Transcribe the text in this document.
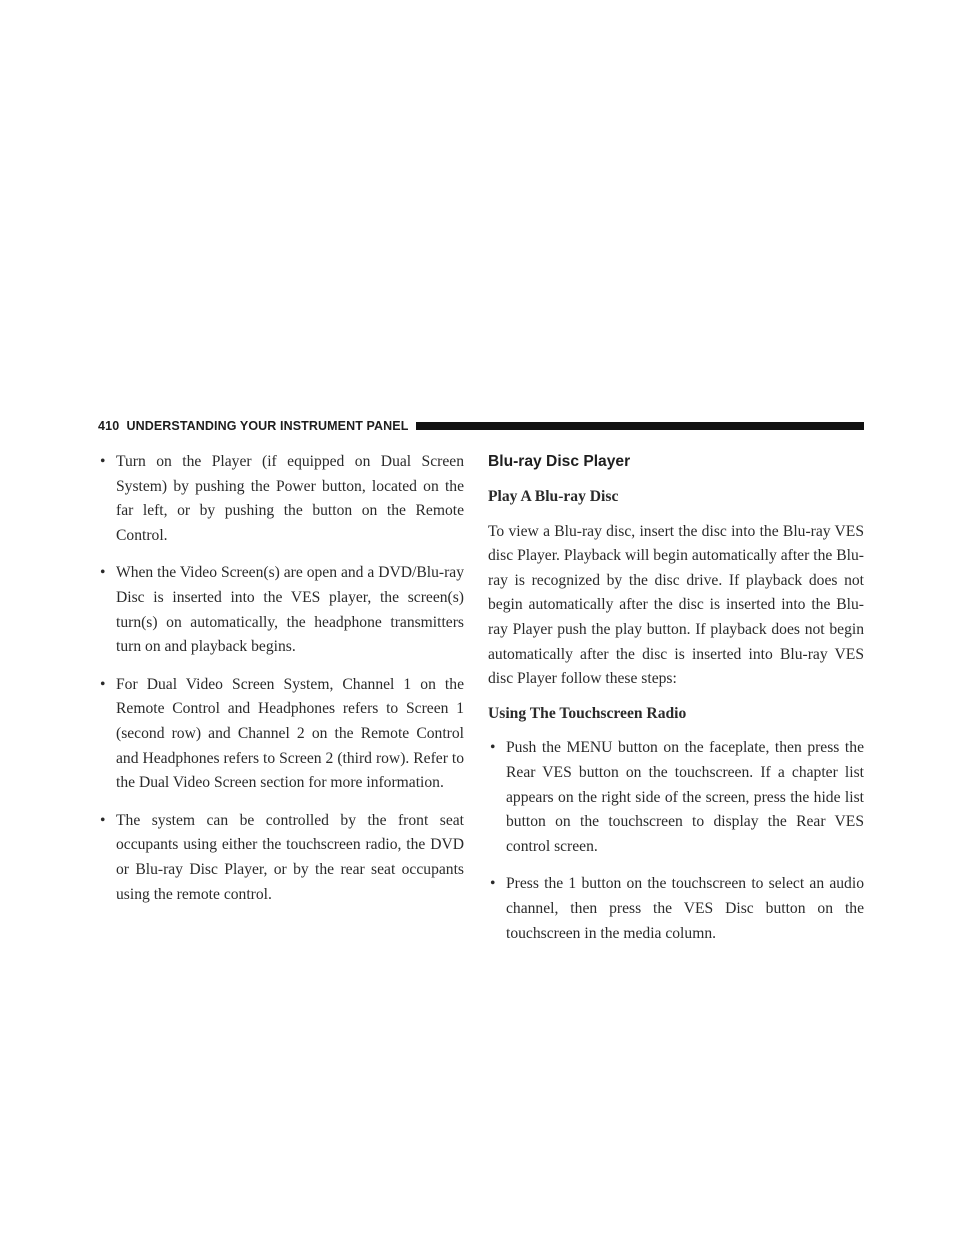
410 UNDERSTANDING YOUR INSTRUMENT PANEL
• Turn on the Player (if equipped on Dual Screen System) by pushing the Power button, located on the far left, or by pushing the button on the Remote Control.
• When the Video Screen(s) are open and a DVD/Blu-ray Disc is inserted into the VES player, the screen(s) turn(s) on automatically, the headphone transmitters turn on and playback begins.
• For Dual Video Screen System, Channel 1 on the Remote Control and Headphones refers to Screen 1 (second row) and Channel 2 on the Remote Control and Headphones refers to Screen 2 (third row). Refer to the Dual Video Screen section for more information.
• The system can be controlled by the front seat occupants using either the touchscreen radio, the DVD or Blu-ray Disc Player, or by the rear seat occupants using the remote control.
Blu-ray Disc Player
Play A Blu-ray Disc

To view a Blu-ray disc, insert the disc into the Blu-ray VES disc Player. Playback will begin automatically after the Blu-ray is recognized by the disc drive. If playback does not begin automatically after the disc is inserted into the Blu-ray Player push the play button. If playback does not begin automatically after the disc is inserted into Blu-ray VES disc Player follow these steps:

Using The Touchscreen Radio
• Push the MENU button on the faceplate, then press the Rear VES button on the touchscreen. If a chapter list appears on the right side of the screen, press the hide list button on the touchscreen to display the Rear VES control screen.
• Press the 1 button on the touchscreen to select an audio channel, then press the VES Disc button on the touchscreen in the media column.
